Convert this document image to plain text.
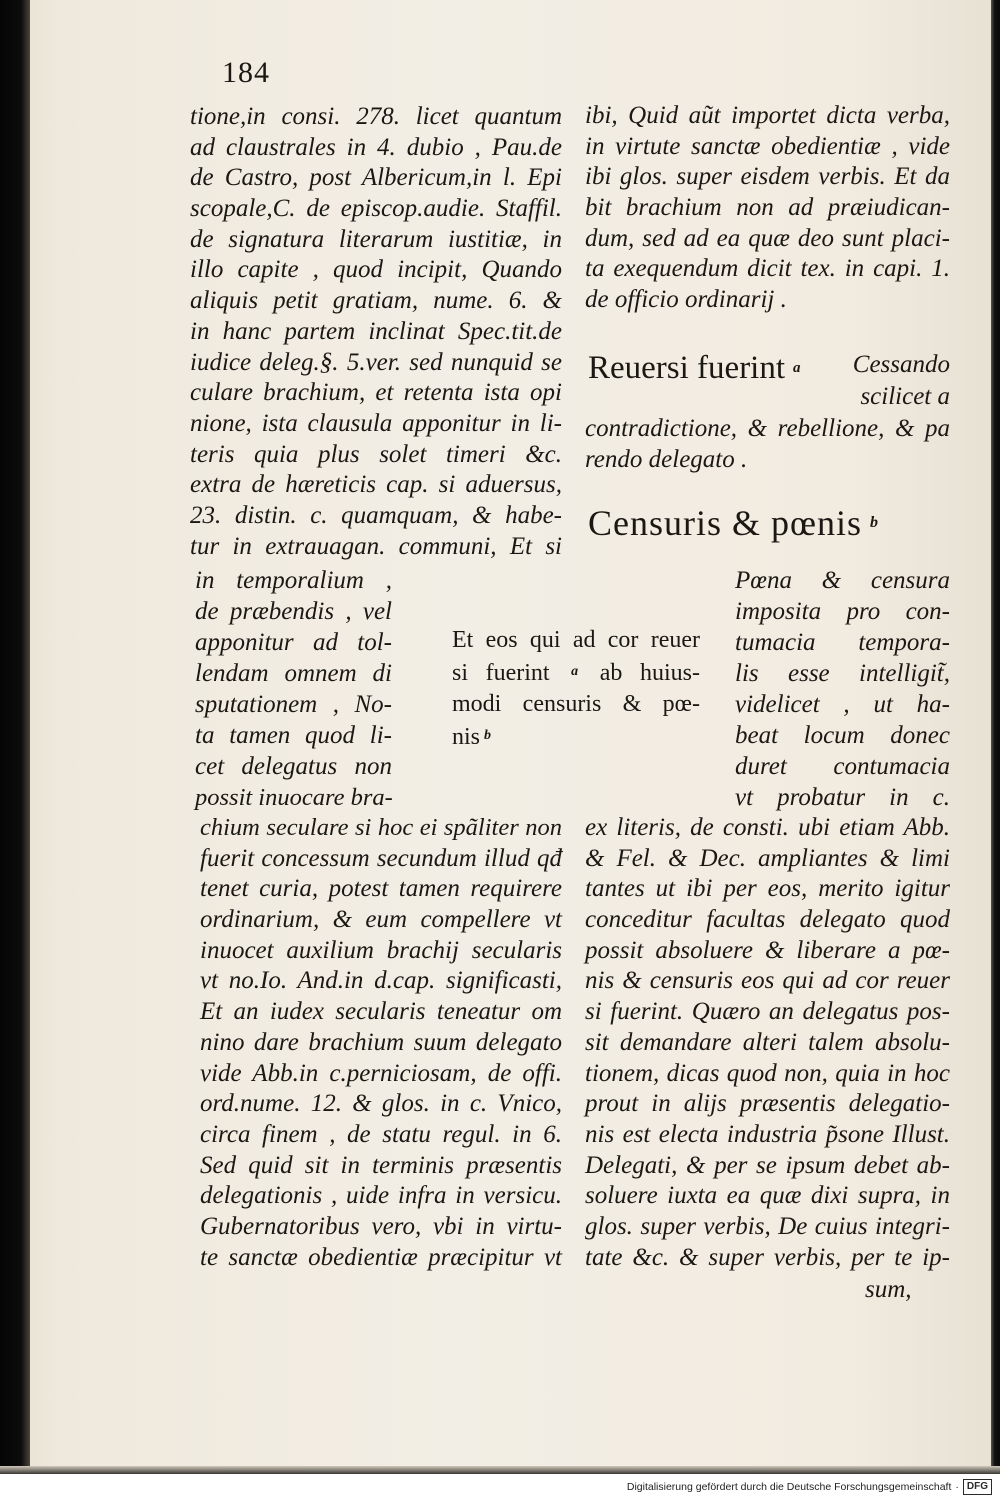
184
tione,in consi. 278. licet quantum
ad claustrales in 4. dubio , Pau.de
de Castro, post Albericum,in l. Epi
scopale,C. de episcop.audie. Staffil.
de signatura literarum iustitiæ, in
illo capite , quod incipit, Quando
aliquis petit gratiam, nume. 6. &
in hanc partem inclinat Spec.tit.de
iudice deleg.§. 5.ver. sed nunquid se
culare brachium, et retenta ista opi
nione, ista clausula apponitur in li-
teris quia plus solet timeri &c.
extra de hæreticis cap. si aduersus,
23. distin. c. quamquam, & habe-
tur in extrauagan. communi, Et si
in temporalium ,
de præbendis , vel
apponitur ad tol-
lendam omnem di
sputationem , No-
ta tamen quod li-
cet delegatus non
possit inuocare bra-
chium seculare si hoc ei spãliter non
fuerit concessum secundum illud qđ
tenet curia, potest tamen requirere
ordinarium, & eum compellere vt
inuocet auxilium brachij secularis
vt no.Io. And.in d.cap. significasti,
Et an iudex secularis teneatur om
nino dare brachium suum delegato
vide Abb.in c.perniciosam, de offi.
ord.nume. 12. & glos. in c. Vnico,
circa finem , de statu regul. in 6.
Sed quid sit in terminis præsentis
delegationis , uide infra in versicu.
Gubernatoribus vero, vbi in virtu-
te sanctæ obedientiæ præcipitur vt
ibi, Quid aũt importet dicta verba,
in virtute sanctæ obedientiæ , vide
ibi glos. super eisdem verbis. Et da
bit brachium non ad præiudican-
dum, sed ad ea quæ deo sunt placi-
ta exequendum dicit tex. in capi. 1.
de officio ordinarij .
Reuersi fuerint a Cessando
scilicet a
contradictione, & rebellione, & pa
rendo delegato .
Censuris & pœnis $^b$
Pœna & censura
imposita pro con-
tumacia tempora-
lis esse intelligit̃,
videlicet , ut ha-
beat locum donec
duret contumacia
vt probatur in c.
Et eos qui ad cor reuer
si fuerint $^a$ ab huius-
modi censuris & pœ-
nis $^b$
ex literis, de consti. ubi etiam Abb.
& Fel. & Dec. ampliantes & limi
tantes ut ibi per eos, merito igitur
conceditur facultas delegato quod
possit absoluere & liberare a pœ-
nis & censuris eos qui ad cor reuer
si fuerint. Quæro an delegatus pos-
sit demandare alteri talem absolu-
tionem, dicas quod non, quia in hoc
prout in alijs præsentis delegatio-
nis est electa industria p̃sone Illust.
Delegati, & per se ipsum debet ab-
soluere iuxta ea quæ dixi supra, in
glos. super verbis, De cuius integri-
tate &c. & super verbis, per te ip-
sum,
Digitalisierung gefördert durch die Deutsche Forschungsgemeinschaft · DFG
